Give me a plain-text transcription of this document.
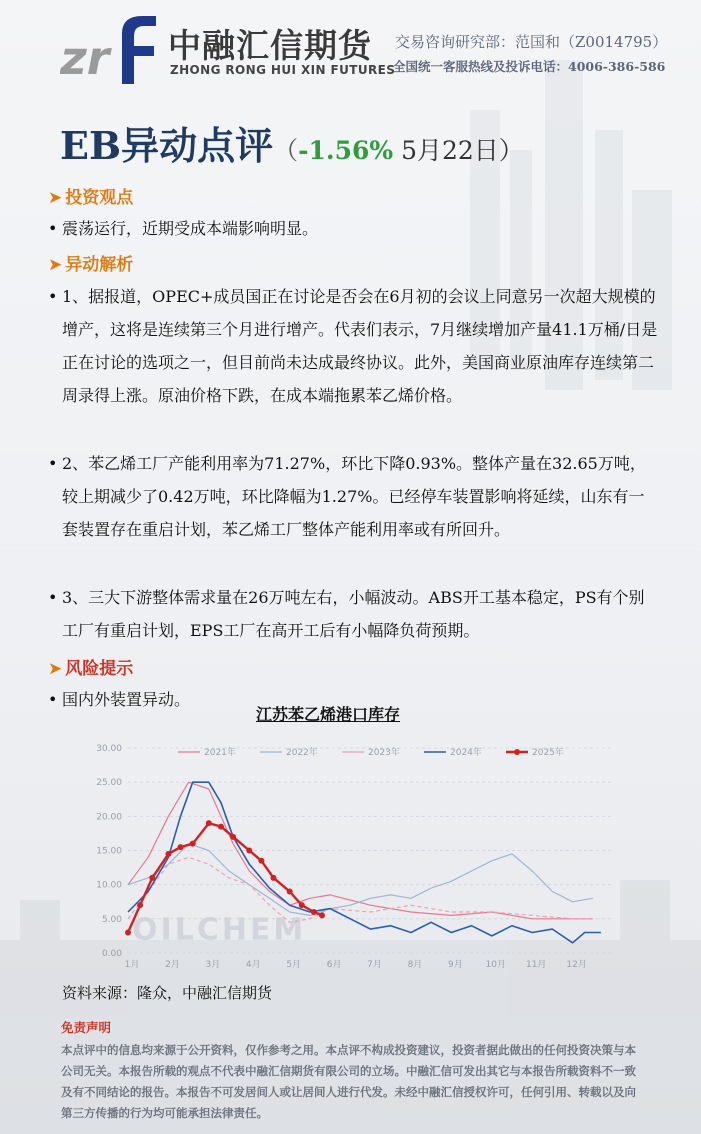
zr 中融汇信期货
ZHONG RONG HUI XIN FUTURES
交易咨询研究部：范国和（Z0014795）
全国统一客服热线及投诉电话：4006-386-586
EB异动点评（-1.56% 5月22日）
➤ 投资观点
• 震荡运行，近期受成本端影响明显。
➤ 异动解析
• 1、据报道，OPEC+成员国正在讨论是否会在6月初的会议上同意另一次超大规模的增产，这将是连续第三个月进行增产。代表们表示，7月继续增加产量41.1万桶/日是正在讨论的选项之一，但目前尚未达成最终协议。此外，美国商业原油库存连续第二周录得上涨。原油价格下跌，在成本端拖累苯乙烯价格。
• 2、苯乙烯工厂产能利用率为71.27%，环比下降0.93%。整体产量在32.65万吨，较上期减少了0.42万吨，环比降幅为1.27%。已经停车装置影响将延续，山东有一套装置存在重启计划，苯乙烯工厂整体产能利用率或有所回升。
• 3、三大下游整体需求量在26万吨左右，小幅波动。ABS开工基本稳定，PS有个别工厂有重启计划，EPS工厂在高开工后有小幅降负荷预期。
➤ 风险提示
• 国内外装置异动。
江苏苯乙烯港口库存
0.00
5.00
10.00
15.00
20.00
25.00
30.00
1月	2月	3月	4月	5月	6月	7月	8月	9月	10月 11月 12月
OILCHEM
2021年	2022年	2023年	2024年	2025年
资料来源：隆众，中融汇信期货
免责声明
本点评中的信息均来源于公开资料，仅作参考之用。本点评不构成投资建议，投资者据此做出的任何投资决策与本公司无关。本报告所载的观点不代表中融汇信期货有限公司的立场。中融汇信可发出其它与本报告所载资料不一致及有不同结论的报告。本报告不可发居间人或让居间人进行代发。未经中融汇信授权许可，任何引用、转载以及向第三方传播的行为均可能承担法律责任。
